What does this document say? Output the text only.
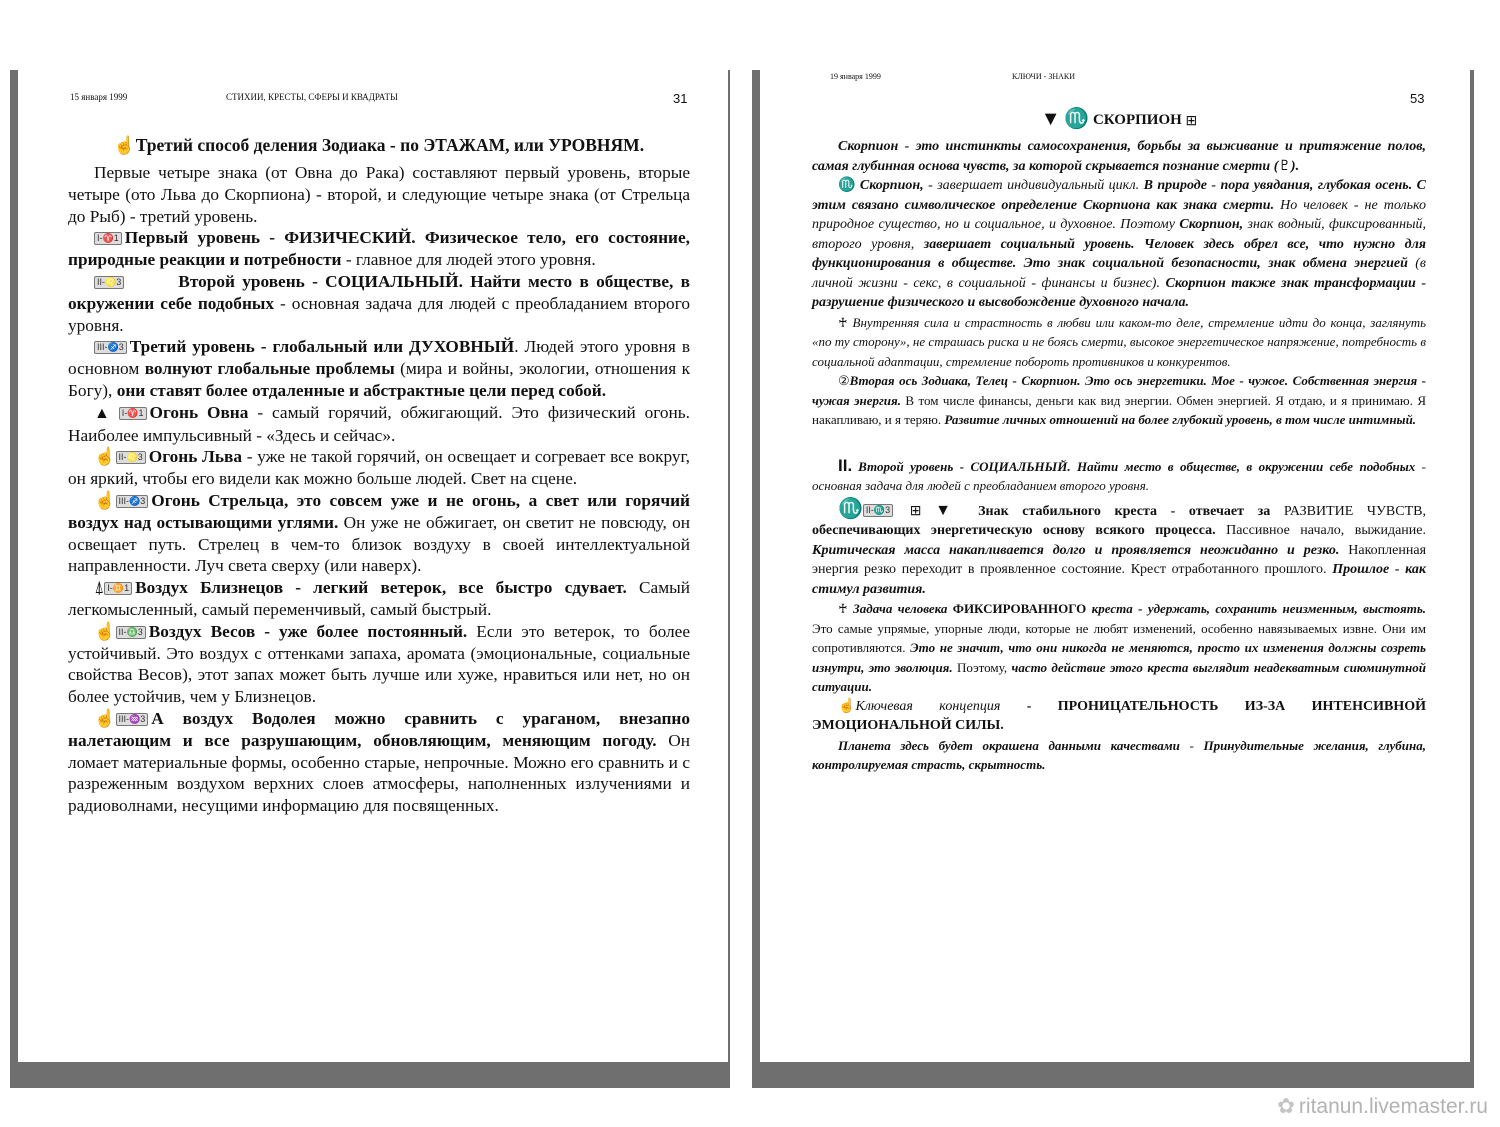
15 января 1999	СТИХИИ, КРЕСТЫ, СФЕРЫ И КВАДРАТЫ	31

☝Третий способ деления Зодиака - по ЭТАЖАМ, или УРОВНЯМ.

Первые четыре знака (от Овна до Рака) составляют первый уровень, вторые четыре (ото Льва до Скорпиона) - второй, и следующие четыре знака (от Стрельца до Рыб) - третий уровень.

I-♈1 Первый уровень - ФИЗИЧЕСКИЙ. Физическое тело, его состояние, природные реакции и потребности - главное для людей этого уровня.

II-♌3	Второй уровень - СОЦИАЛЬНЫЙ. Найти место в обществе, в окружении себе подобных - основная задача для людей с преобладанием второго уровня.

III-♐3 Третий уровень - глобальный или ДУХОВНЫЙ. Людей этого уровня в основном волнуют глобальные проблемы (мира и войны, экологии, отношения к Богу), они ставят более отдаленные и абстрактные цели перед собой.

▲ I-♈1 Огонь Овна - самый горячий, обжигающий. Это физический огонь. Наиболее импульсивный - «Здесь и сейчас».

☝ II-♌3 Огонь Льва - уже не такой горячий, он освещает и согревает все вокруг, он яркий, чтобы его видели как можно больше людей. Свет на сцене.

☝ III-♐3 Огонь Стрельца, это совсем уже и не огонь, а свет или горячий воздух над остывающими углями. Он уже не обжигает, он светит не повсюду, он освещает путь. Стрелец в чем-то близок воздуху в своей интеллектуальной направленности. Луч света сверху (или наверх).

⍋ I-♊1 Воздух Близнецов - легкий ветерок, все быстро сдувает. Самый легкомысленный, самый переменчивый, самый быстрый.

☝ II-♎3 Воздух Весов - уже более постоянный. Если это ветерок, то более устойчивый. Это воздух с оттенками запаха, аромата (эмоциональные, социальные свойства Весов), этот запах может быть лучше или хуже, нравиться или нет, но он более устойчив, чем у Близнецов.

☝ III-♒3 А воздух Водолея можно сравнить с ураганом, внезапно налетающим и все разрушающим, обновляющим, меняющим погоду. Он ломает материальные формы, особенно старые, непрочные. Можно его сравнить и с разреженным воздухом верхних слоев атмосферы, наполненных излучениями и радиоволнами, несущими информацию для посвященных.

19 января 1999	КЛЮЧИ - ЗНАКИ
53

▼ ♏ СКОРПИОН ⊞

Скорпион - это инстинкты самосохранения, борьбы за выживание и притяжение полов, самая глубинная основа чувств, за которой скрывается познание смерти (♇).

♏ Скорпион, - завершает индивидуальный цикл. В природе - пора увядания, глубокая осень. С этим связано символическое определение Скорпиона как знака смерти. Но человек - не только природное существо, но и социальное, и духовное. Поэтому Скорпион, знак водный, фиксированный, второго уровня, завершает социальный уровень. Человек здесь обрел все, что нужно для функционирования в обществе. Это знак социальной безопасности, знак обмена энергией (в личной жизни - секс, в социальной - финансы и бизнес). Скорпион также знак трансформации - разрушение физического и высвобождение духовного начала.

♰ Внутренняя сила и страстность в любви или каком-то деле, стремление идти до конца, заглянуть «по ту сторону», не страшась риска и не боясь смерти, высокое энергетическое напряжение, потребность в социальной адаптации, стремление побороть противников и конкурентов.

②Вторая ось Зодиака, Телец - Скорпион. Это ось энергетики. Мое - чужое. Собственная энергия - чужая энергия. В том числе финансы, деньги как вид энергии. Обмен энергией. Я отдаю, и я принимаю. Я накапливаю, и я теряю. Развитие личных отношений на более глубокий уровень, в том числе интимный.

II. Второй уровень - СОЦИАЛЬНЫЙ. Найти место в обществе, в окружении себе подобных - основная задача для людей с преобладанием второго уровня.

♏ II-♏3 ⊞ ▼ Знак стабильного креста - отвечает за РАЗВИТИЕ ЧУВСТВ, обеспечивающих энергетическую основу всякого процесса. Пассивное начало, выжидание. Критическая масса накапливается долго и проявляется неожиданно и резко. Накопленная энергия резко переходит в проявленное состояние. Крест отработанного прошлого. Прошлое - как стимул развития.

♰ Задача человека ФИКСИРОВАННОГО креста - удержать, сохранить неизменным, выстоять. Это самые упрямые, упорные люди, которые не любят изменений, особенно навязываемых извне. Они им сопротивляются. Это не значит, что они никогда не меняются, просто их изменения должны созреть изнутри, это эволюция. Поэтому, часто действие этого креста выглядит неадекватным сиюминутной ситуации.

☝Ключевая концепция - ПРОНИЦАТЕЛЬНОСТЬ ИЗ-ЗА ИНТЕНСИВНОЙ ЭМОЦИОНАЛЬНОЙ СИЛЫ.

Планета здесь будет окрашена данными качествами - Принудительные желания, глубина, контролируемая страсть, скрытность.

✿ ritanun.livemaster.ru
